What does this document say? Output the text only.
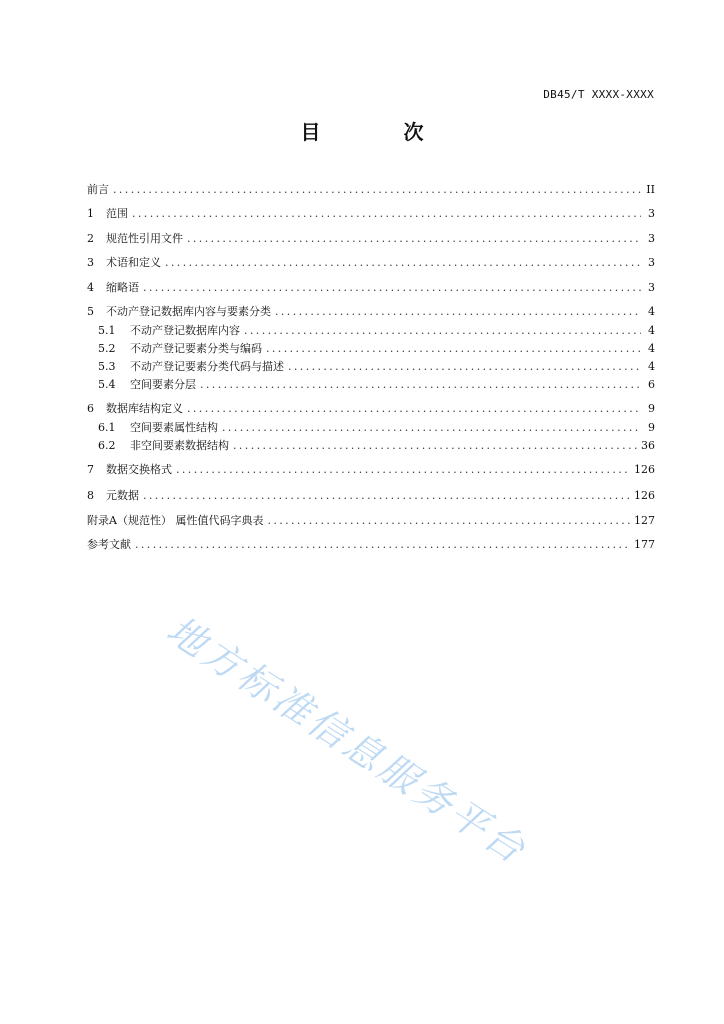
DB45/T XXXX-XXXX
目 次
前言 .....	II
1	范围 .....	3
2	规范性引用文件 .....	3
3	术语和定义 .....	3
4	缩略语 .....	3
5	不动产登记数据库内容与要素分类 .....	4
5.1	不动产登记数据库内容 .....	4
5.2	不动产登记要素分类与编码 .....	4
5.3	不动产登记要素分类代码与描述 .....	4
5.4	空间要素分层 .....	6
6	数据库结构定义 .....	9
6.1	空间要素属性结构 .....	9
6.2	非空间要素数据结构 .....	36
7	数据交换格式 .....	126
8	元数据 .....	126
附录A（规范性） 属性值代码字典表 .....	127
参考文献 .....	177
地方标准信息服务平台
